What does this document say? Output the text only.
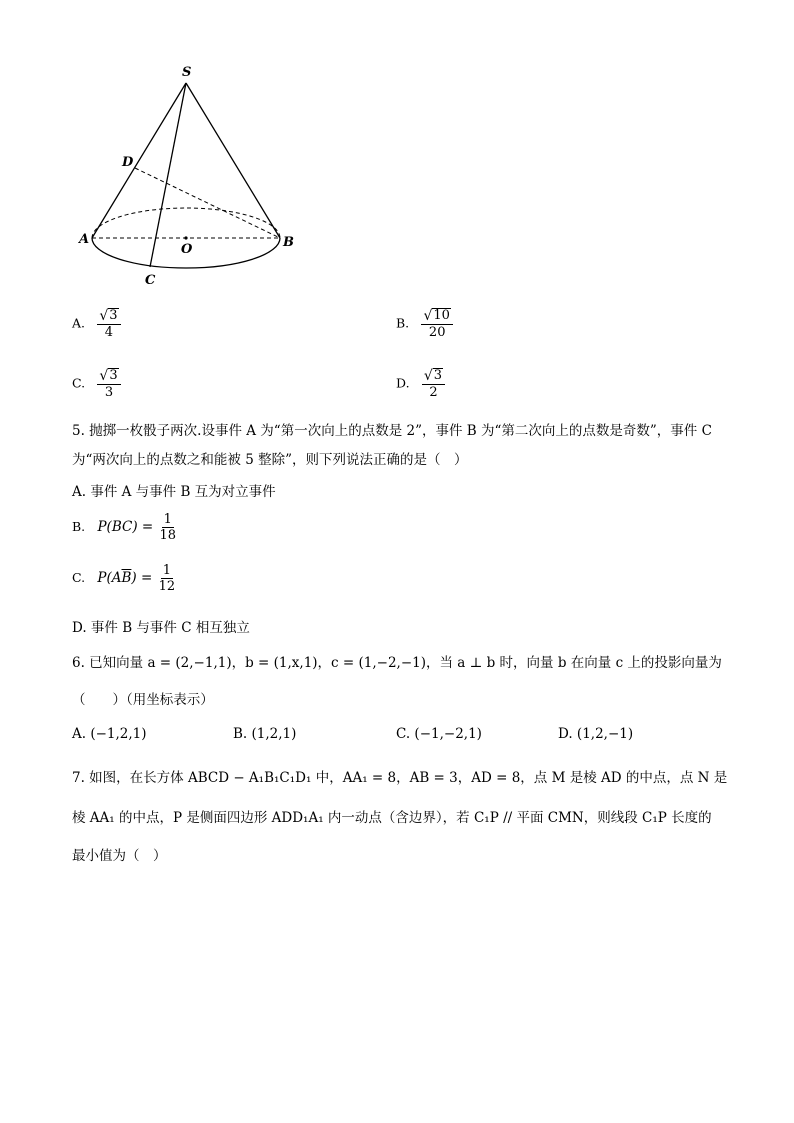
S
D
A
O	B
C
A. $\frac{√ 3}{4}$	B. $\frac{√ 10}{20}$
C. $\frac{√ 3}{3}$	D. $\frac{√ 3}{2}$
5. 抛掷一枚骰子两次.设事件 A 为“第一次向上的点数是 2”，事件 B 为“第二次向上的点数是奇数”，事件 C
为“两次向上的点数之和能被 5 整除”，则下列说法正确的是（　）
A. 事件 A 与事件 B 互为对立事件
B. $P(BC) = \frac{1}{18}$
C. $P(A\overline{B}) = \frac{1}{12}$
D. 事件 B 与事件 C 相互独立
6. 已知向量 a = (2,−1,1)，b = (1,x,1)，c = (1,−2,−1)，当 a ⊥ b 时，向量 b 在向量 c 上的投影向量为
（　　）（用坐标表示）
A. (−1,2,1)	B. (1,2,1)	C. (−1,−2,1)	D. (1,2,−1)
7. 如图，在长方体 ABCD − A₁B₁C₁D₁ 中，AA₁ = 8，AB = 3，AD = 8，点 M 是棱 AD 的中点，点 N 是
棱 AA₁ 的中点，P 是侧面四边形 ADD₁A₁ 内一动点（含边界），若 C₁P // 平面 CMN，则线段 C₁P 长度的
最小值为（　）
